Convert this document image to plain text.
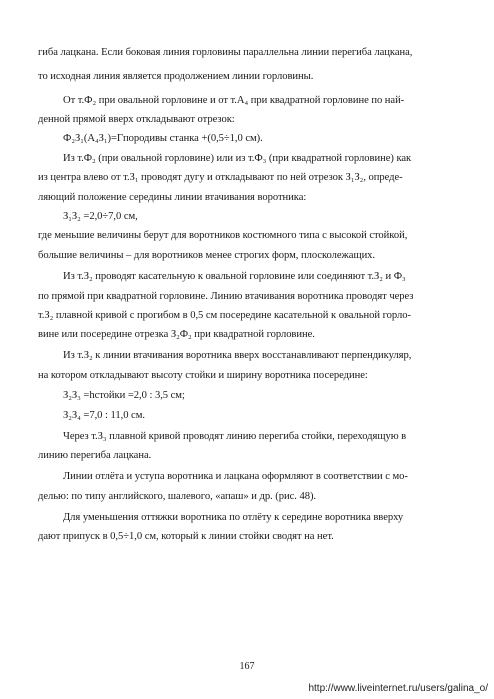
гиба лацкана. Если боковая линия горловины параллельна линии перегиба лацкана,
то исходная линия является продолжением линии горловины.
От т.Ф₂ при овальной горловине и от т.А₄ при квадратной горловине по най-
денной прямой вверх откладывают отрезок:
Ф₂З₁(А₄З₁)=Гпородивы станка +(0,5÷1,0 см).
Из т.Ф₂ (при овальной горловине) или из т.Ф₃ (при квадратной горловине) как
из центра влево от т.З₁ проводят дугу и откладывают по ней отрезок З₁З₂, опреде-
ляющий положение середины линии втачивания воротника:
З₁З₂ =2,0÷7,0 см,
где меньшие величины берут для воротников костюмного типа с высокой стойкой,
большие величины – для воротников менее строгих форм, плосколежащих.
Из т.З₂ проводят касательную к овальной горловине или соединяют т.З₂ и Ф₃
по прямой при квадратной горловине. Линию втачивания воротника проводят через
т.З₂ плавной кривой с прогибом в 0,5 см посередине касательной к овальной горло-
вине или посередине отрезка З₂Ф₂ при квадратной горловине.
Из т.З₂ к линии втачивания воротника вверх восстанавливают перпендикуляр,
на котором откладывают высоту стойки и ширину воротника посередине:
З₂З₃ =hстойки =2,0 : 3,5 см;
З₂З₄ =7,0 : 11,0 см.
Через т.З₃ плавной кривой проводят линию перегиба стойки, переходящую в
линию перегиба лацкана.
Линии отлёта и уступа воротника и лацкана оформляют в соответствии с мо-
делью: по типу английского, шалевого, «апаш» и др. (рис. 48).
Для уменьшения оттяжки воротника по отлёту к середине воротника вверху
дают припуск в 0,5÷1,0 см, который к линии стойки сводят на нет.
167
http://www.liveinternet.ru/users/galina_o/
